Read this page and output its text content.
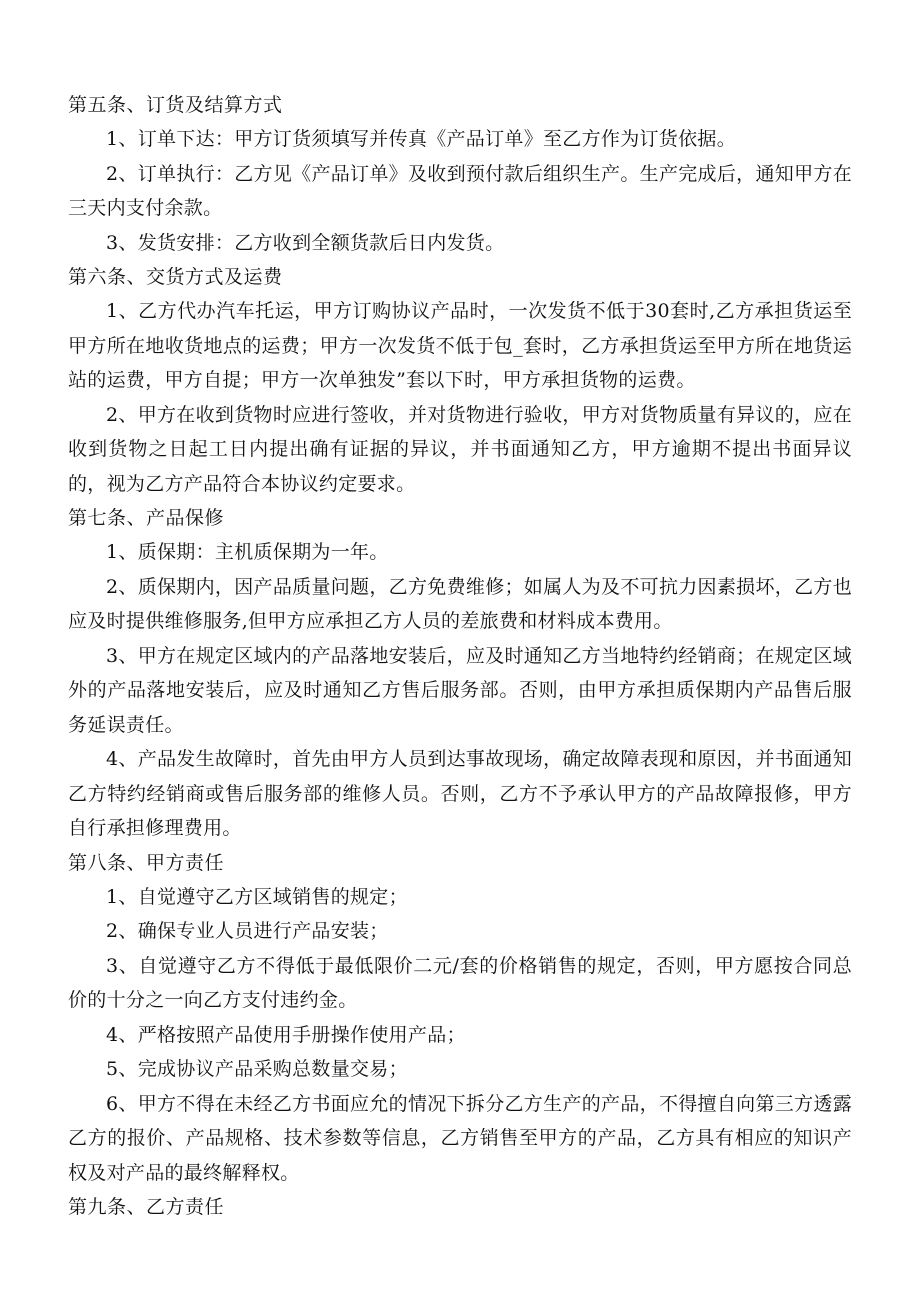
第五条、订货及结算方式

1、订单下达：甲方订货须填写并传真《产品订单》至乙方作为订货依据。

2、订单执行：乙方见《产品订单》及收到预付款后组织生产。生产完成后，通知甲方在三天内支付余款。

3、发货安排：乙方收到全额货款后日内发货。

第六条、交货方式及运费

1、乙方代办汽车托运，甲方订购协议产品时，一次发货不低于30套时,乙方承担货运至甲方所在地收货地点的运费；甲方一次发货不低于包_套时，乙方承担货运至甲方所在地货运站的运费，甲方自提；甲方一次单独发”套以下时，甲方承担货物的运费。

2、甲方在收到货物时应进行签收，并对货物进行验收，甲方对货物质量有异议的，应在收到货物之日起工日内提出确有证据的异议，并书面通知乙方，甲方逾期不提出书面异议的，视为乙方产品符合本协议约定要求。

第七条、产品保修

1、质保期：主机质保期为一年。

2、质保期内，因产品质量问题，乙方免费维修；如属人为及不可抗力因素损坏，乙方也应及时提供维修服务,但甲方应承担乙方人员的差旅费和材料成本费用。

3、甲方在规定区域内的产品落地安装后，应及时通知乙方当地特约经销商；在规定区域外的产品落地安装后，应及时通知乙方售后服务部。否则，由甲方承担质保期内产品售后服务延误责任。

4、产品发生故障时，首先由甲方人员到达事故现场，确定故障表现和原因，并书面通知乙方特约经销商或售后服务部的维修人员。否则，乙方不予承认甲方的产品故障报修，甲方自行承担修理费用。

第八条、甲方责任

1、自觉遵守乙方区域销售的规定；

2、确保专业人员进行产品安装；

3、自觉遵守乙方不得低于最低限价二元/套的价格销售的规定，否则，甲方愿按合同总价的十分之一向乙方支付违约金。

4、严格按照产品使用手册操作使用产品；

5、完成协议产品采购总数量交易；

6、甲方不得在未经乙方书面应允的情况下拆分乙方生产的产品，不得擅自向第三方透露乙方的报价、产品规格、技术参数等信息，乙方销售至甲方的产品，乙方具有相应的知识产权及对产品的最终解释权。

第九条、乙方责任
